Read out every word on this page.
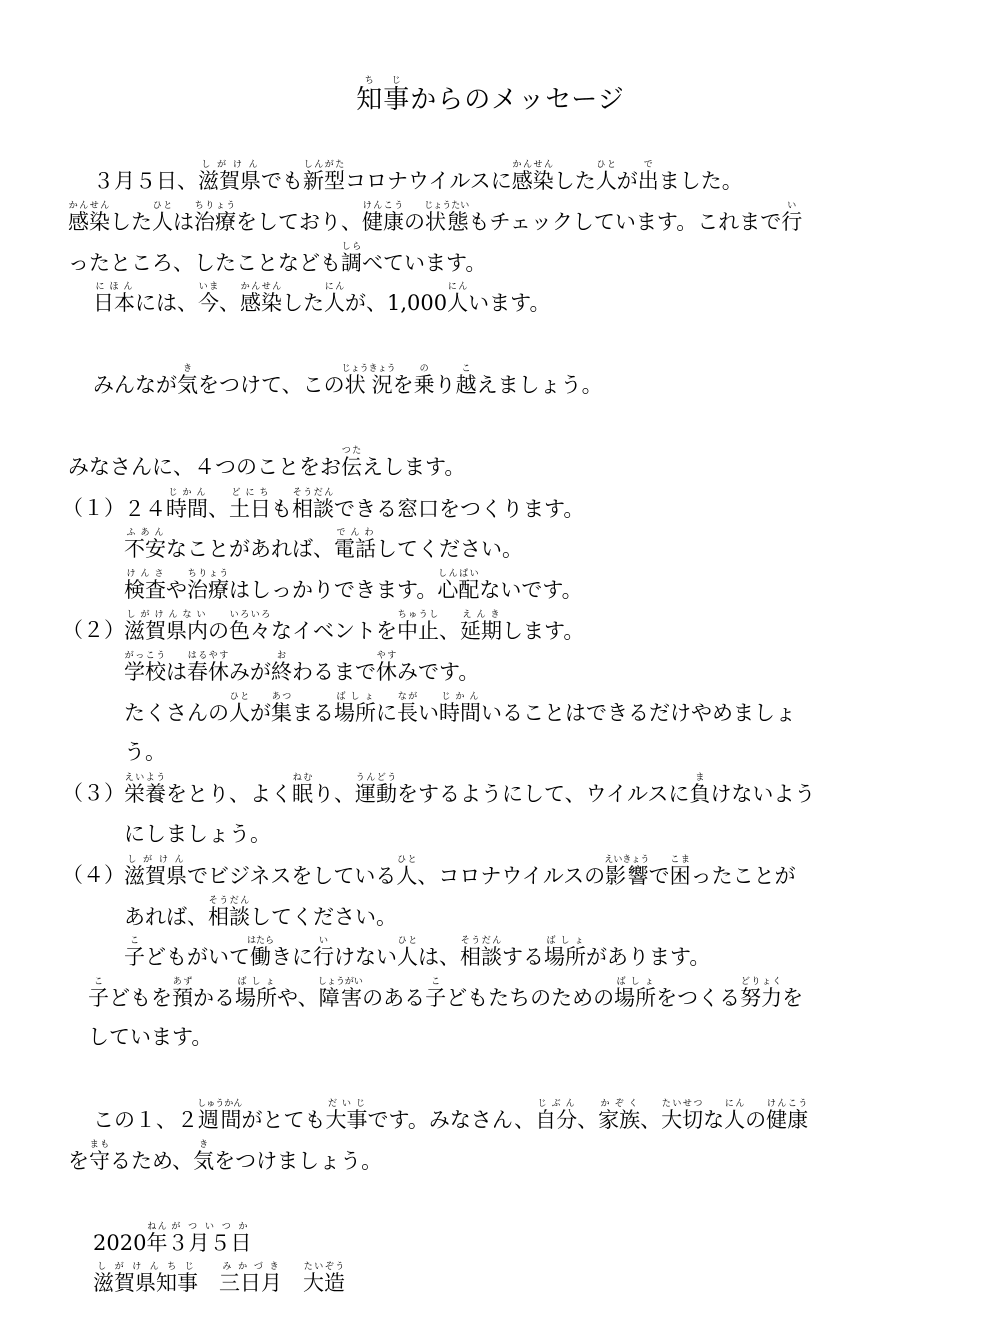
知事ちじからのメッセージ
３月５日、滋賀県しがけんでも新型しんがたコロナウイルスに感染かんせんした人ひとが出でました。
感染かんせんした人ひとは治療ちりょうをしており、健康けんこうの状態じょうたいもチェックしています。これまで行い
ったところ、したことなども調しらべています。
日本にほんには、今いま、感染かんせんした人にんが、1,000人にんいます。
みんなが気きをつけて、この状況じょうきょうを乗のり越こえましょう。
みなさんに、４つのことをお伝つたえします。
（１） ２４時間じかん、土日どにちも相談そうだんできる窓口をつくります。
不安ふあんなことがあれば、電話でんわしてください。
検査けんさや治療ちりょうはしっかりできます。心配しんぱいないです。
（２） 滋賀県内しがけんないの色々いろいろなイベントを中止ちゅうし、延期えんきします。
学校がっこうは春休はるやすみが終おわるまで休やすみです。
たくさんの人ひとが集あつまる場所ばしょに長ながい時間じかんいることはできるだけやめましょ
う。
（３） 栄養えいようをとり、よく眠ねむり、運動うんどうをするようにして、ウイルスに負まけないよう
にしましょう。
（４） 滋賀県しがけんでビジネスをしている人ひと、コロナウイルスの影響えいきょうで困こまったことが
あれば、相談そうだんしてください。
子こどもがいて働はたらきに行いけない人ひとは、相談そうだんする場所ばしょがあります。
子こどもを預あずかる場所ばしょや、障害しょうがいのある子こどもたちのための場所ばしょをつくる努力どりょくを
しています。
この１、２週間しゅうかんがとても大事だいじです。みなさん、自分じぶん、家族かぞく、大切たいせつな人にんの健康けんこう
を守まもるため、気きをつけましょう。
2020年ねん３月５日がついつか
滋賀県知事しがけんちじ　三日月みかづき　大造たいぞう
